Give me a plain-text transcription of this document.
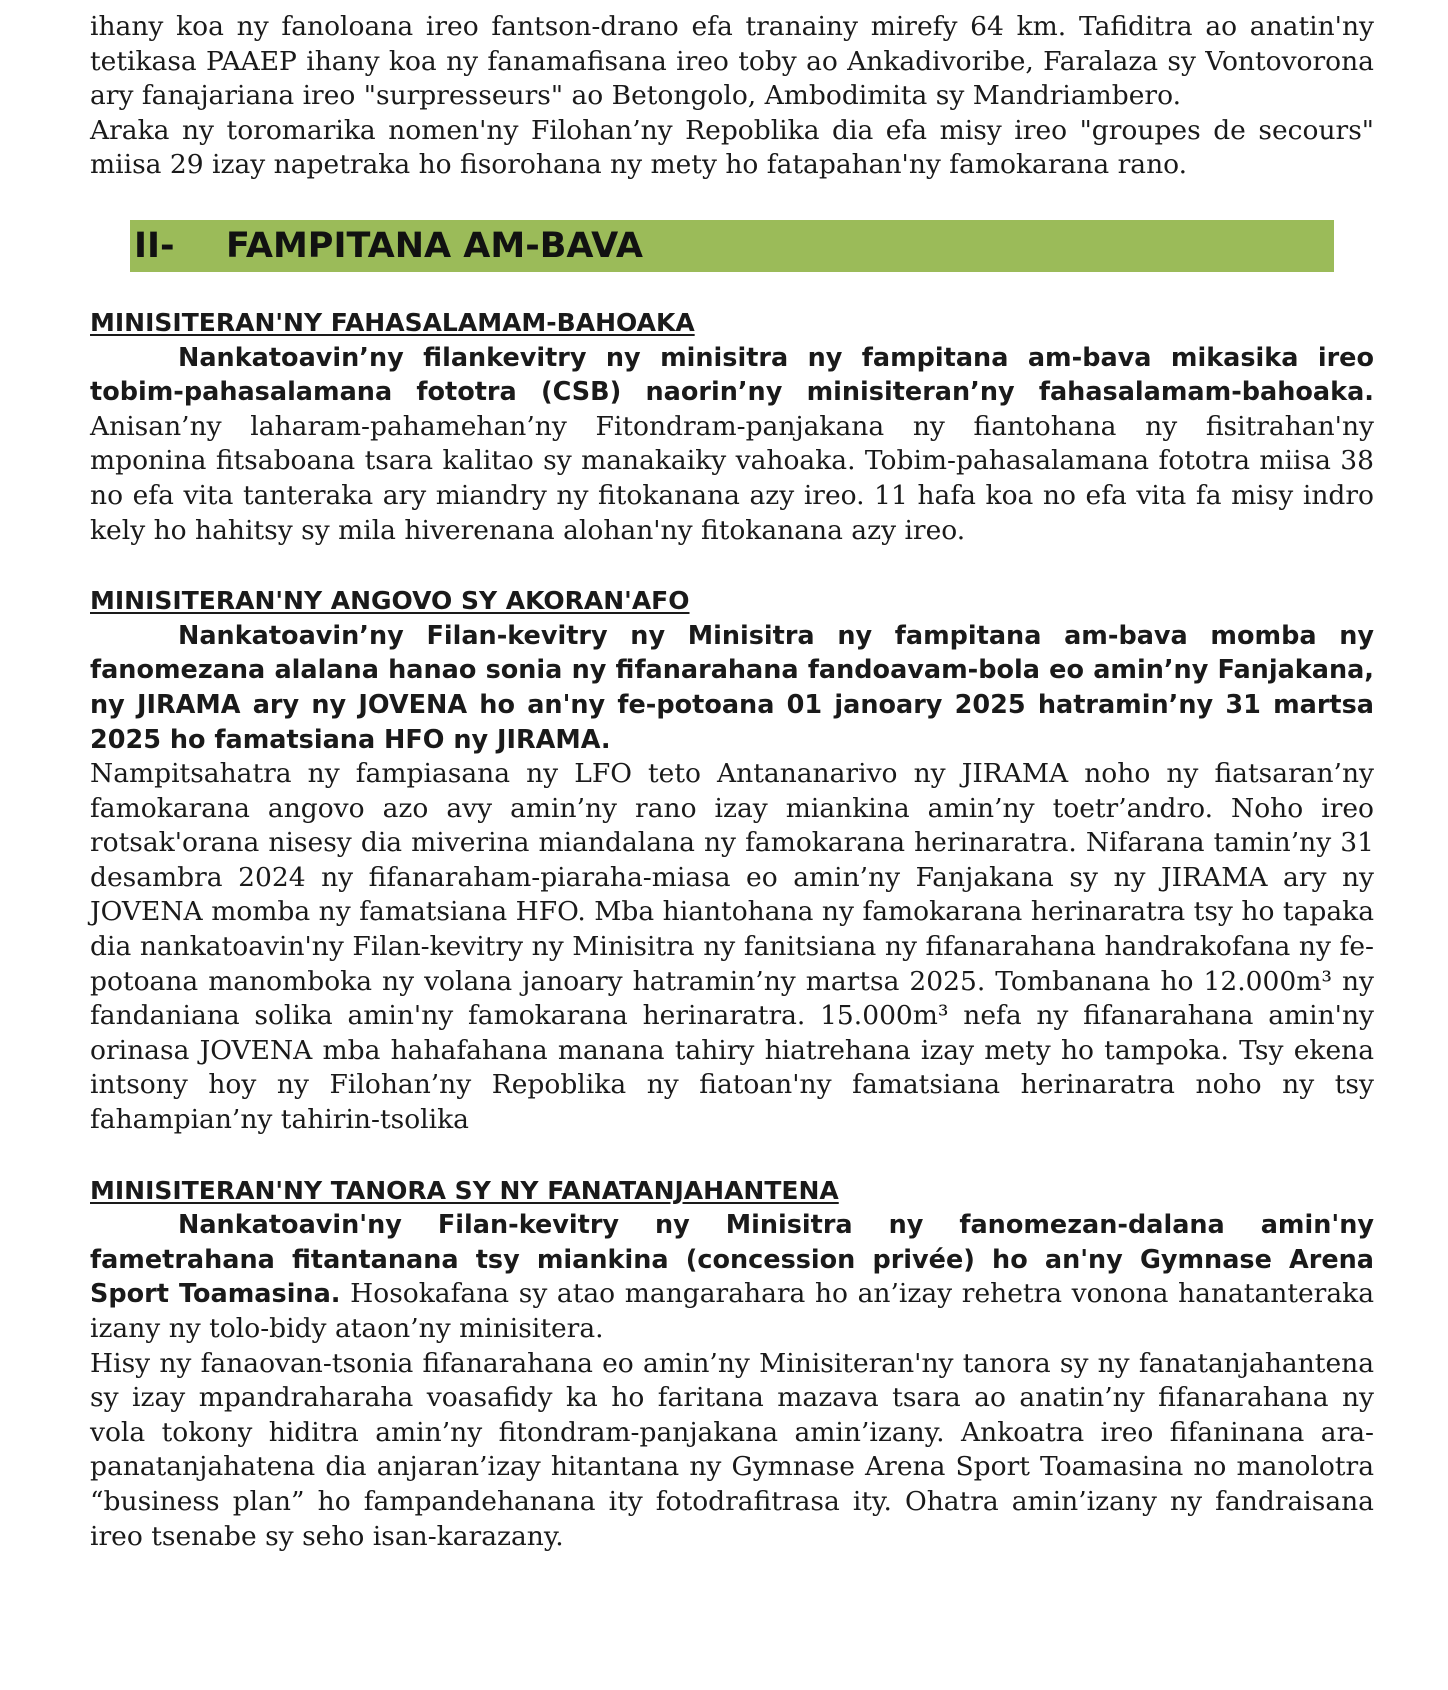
ihany koa ny fanoloana ireo fantson-drano efa tranainy mirefy 64 km. Tafiditra ao anatin'ny tetikasa PAAEP ihany koa ny fanamafisana ireo toby ao Ankadivoribe, Faralaza sy Vontovorona ary fanajariana ireo "surpresseurs" ao Betongolo, Ambodimita sy Mandriambero.

Araka ny toromarika nomen'ny Filohan’ny Repoblika dia efa misy ireo "groupes de secours" miisa 29 izay napetraka ho fisorohana ny mety ho fatapahan'ny famokarana rano.

II-	FAMPITANA AM-BAVA
MINISITERAN'NY FAHASALAMAM-BAHOAKA

Nankatoavin’ny filankevitry ny minisitra ny fampitana am-bava mikasika ireo tobim-pahasalamana fototra (CSB) naorin’ny minisiteran’ny fahasalamam-bahoaka. Anisan’ny laharam-pahamehan’ny Fitondram-panjakana ny fiantohana ny fisitrahan'ny mponina fitsaboana tsara kalitao sy manakaiky vahoaka. Tobim-pahasalamana fototra miisa 38 no efa vita tanteraka ary miandry ny fitokanana azy ireo. 11 hafa koa no efa vita fa misy indro kely ho hahitsy sy mila hiverenana alohan'ny fitokanana azy ireo.

MINISITERAN'NY ANGOVO SY AKORAN'AFO

Nankatoavin’ny Filan-kevitry ny Minisitra ny fampitana am-bava momba ny fanomezana alalana hanao sonia ny fifanarahana fandoavam-bola eo amin’ny Fanjakana, ny JIRAMA ary ny JOVENA ho an'ny fe-potoana 01 janoary 2025 hatramin’ny 31 martsa 2025 ho famatsiana HFO ny JIRAMA.

Nampitsahatra ny fampiasana ny LFO teto Antananarivo ny JIRAMA noho ny fiatsaran’ny famokarana angovo azo avy amin’ny rano izay miankina amin’ny toetr’andro. Noho ireo rotsak'orana nisesy dia miverina miandalana ny famokarana herinaratra. Nifarana tamin’ny 31 desambra 2024 ny fifanaraham-piaraha-miasa eo amin’ny Fanjakana sy ny JIRAMA ary ny JOVENA momba ny famatsiana HFO. Mba hiantohana ny famokarana herinaratra tsy ho tapaka dia nankatoavin'ny Filan-kevitry ny Minisitra ny fanitsiana ny fifanarahana handrakofana ny fe-potoana manomboka ny volana janoary hatramin’ny martsa 2025. Tombanana ho 12.000m³ ny fandaniana solika amin'ny famokarana herinaratra. 15.000m³ nefa ny fifanarahana amin'ny orinasa JOVENA mba hahafahana manana tahiry hiatrehana izay mety ho tampoka. Tsy ekena intsony hoy ny Filohan’ny Repoblika ny fiatoan'ny famatsiana herinaratra noho ny tsy fahampian’ny tahirin-tsolika

MINISITERAN'NY TANORA SY NY FANATANJAHANTENA

Nankatoavin'ny Filan-kevitry ny Minisitra ny fanomezan-dalana amin'ny fametrahana fitantanana tsy miankina (concession privée) ho an'ny Gymnase Arena Sport Toamasina. Hosokafana sy atao mangarahara ho an’izay rehetra vonona hanatanteraka izany ny tolo-bidy ataon’ny minisitera.

Hisy ny fanaovan-tsonia fifanarahana eo amin’ny Minisiteran'ny tanora sy ny fanatanjahantena sy izay mpandraharaha voasafidy ka ho faritana mazava tsara ao anatin’ny fifanarahana ny vola tokony hiditra amin’ny fitondram-panjakana amin’izany. Ankoatra ireo fifaninana ara-panatanjahatena dia anjaran’izay hitantana ny Gymnase Arena Sport Toamasina no manolotra “business plan” ho fampandehanana ity fotodrafitrasa ity. Ohatra amin’izany ny fandraisana ireo tsenabe sy seho isan-karazany.
